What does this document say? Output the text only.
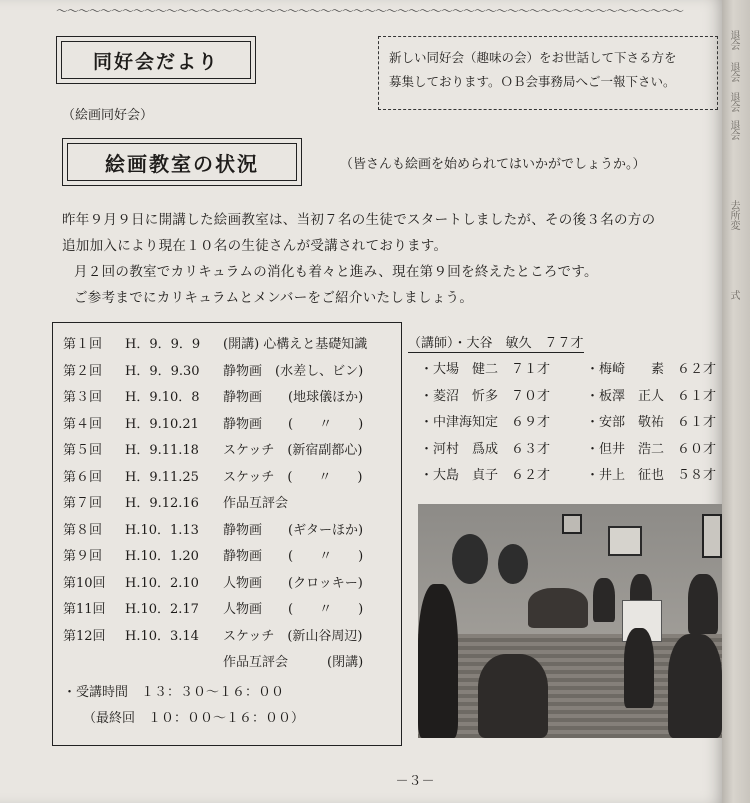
～～～～～～～～～～～～～～～～～～～～～～～～～～～～～～～～～～～～～～～～～～～～～～～～～～～～～～～～～
同好会だより	新しい同好会（趣味の会）をお世話して下さる方を
募集しております。ＯＢ会事務局へご一報下さい。
（絵画同好会）
絵画教室の状況	（皆さんも絵画を始められてはいかがでしょうか。）
昨年９月９日に開講した絵画教室は、当初７名の生徒でスタートしましたが、その後３名の方の
追加加入により現在１０名の生徒さんが受講されております。
月２回の教室でカリキュラムの消化も着々と進み、現在第９回を終えたところです。
ご参考までにカリキュラムとメンバーをご紹介いたしましょう。
第１回	H．9．9．9	(開講) 心構えと基礎知識
第２回	H．9．9.30	静物画　(水差し、ビン)
第３回	H．9.10．8	静物画　　(地球儀ほか)
第４回	H．9.10.21	静物画　　(　　〃　　)
第５回	H．9.11.18	スケッチ　(新宿副都心)
第６回	H．9.11.25	スケッチ　(　　〃　　)
第７回	H．9.12.16	作品互評会
第８回	H.10．1.13	静物画　　(ギターほか)
第９回	H.10．1.20	静物画　　(　　〃　　)
第10回	H.10．2.10	人物画　　(クロッキー)
第11回	H.10．2.17	人物画　　(　　〃　　)
第12回	H.10．3.14	スケッチ　(新山谷周辺)
作品互評会　　　(閉講)
・受講時間　１３：３０～１６：００
（最終回　１０：００～１６：００）
（講師）・大谷　敏久　７７才
・大場　健二　７１才	・梅崎　　素　６２才
・菱沼　忻多　７０才	・板澤　正人　６１才
・中津海知定　６９才	・安部　敬祐　６１才
・河村　爲成　６３才	・但井　浩二　６０才
・大島　貞子　６２才	・井上　征也　５８才
－３－
退会
退会
退会
退会
去所変
式
